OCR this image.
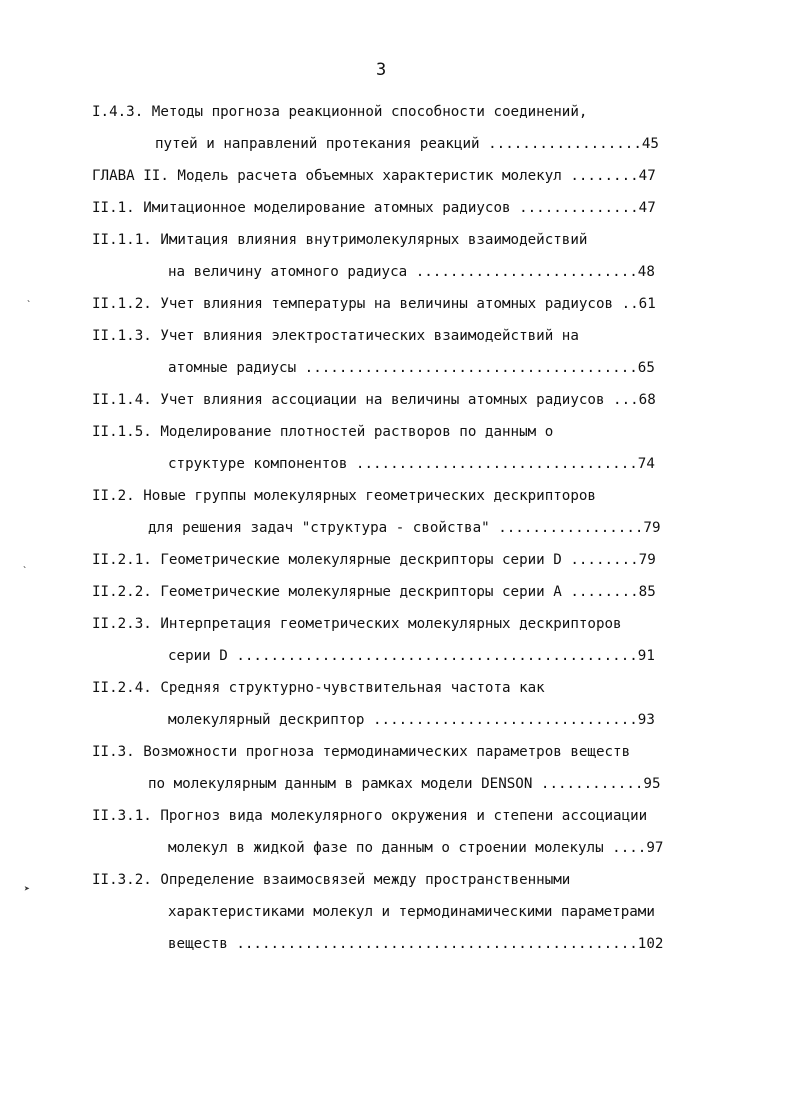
3
I.4.3. Методы прогноза реакционной способности соединений,
путей и направлений протекания реакций ..................45
ГЛАВА II. Модель расчета объемных характеристик молекул ........47
II.1. Имитационное моделирование атомных радиусов ..............47
II.1.1. Имитация влияния внутримолекулярных взаимодействий
на величину атомного радиуса ..........................48
II.1.2. Учет влияния температуры на величины атомных радиусов ..61
II.1.3. Учет влияния электростатических взаимодействий на
атомные радиусы .......................................65
II.1.4. Учет влияния ассоциации на величины атомных радиусов ...68
II.1.5. Моделирование плотностей растворов по данным о
структуре компонентов .................................74
II.2. Новые группы молекулярных геометрических дескрипторов
для решения задач "структура - свойства" .................79
II.2.1. Геометрические молекулярные дескрипторы серии D ........79
II.2.2. Геометрические молекулярные дескрипторы серии A ........85
II.2.3. Интерпретация геометрических молекулярных дескрипторов
серии D ...............................................91
II.2.4. Средняя структурно-чувствительная частота как
молекулярный дескриптор ...............................93
II.3. Возможности прогноза термодинамических параметров веществ
по молекулярным данным в рамках модели DENSON ............95
II.3.1. Прогноз вида молекулярного окружения и степени ассоциации
молекул в жидкой фазе по данным о строении молекулы ....97
II.3.2. Определение взаимосвязей между пространственными
характеристиками молекул и термодинамическими параметрами
веществ ...............................................102
`
`
➤
